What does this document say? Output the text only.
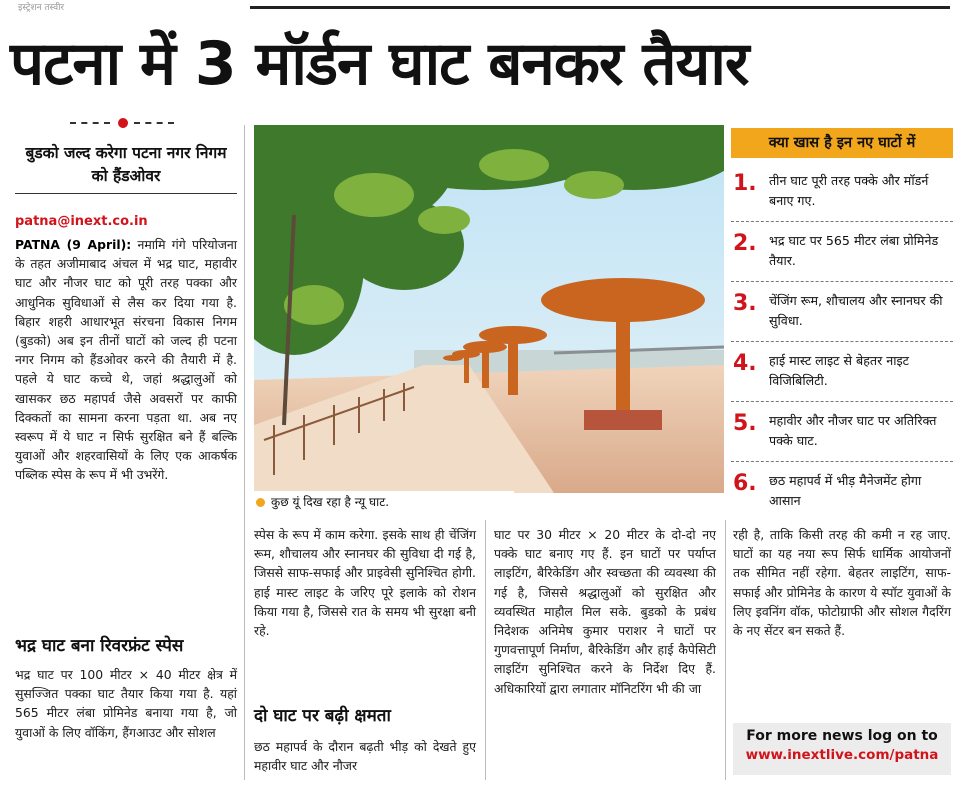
इस्ट्रेशन तस्वीर
पटना में 3 मॉर्डन घाट बनकर तैयार
बुडको जल्द करेगा पटना नगर निगम को हैंडओवर
patna@inext.co.in
PATNA (9 April): नमामि गंगे परियोजना के तहत अजीमाबाद अंचल में भद्र घाट, महावीर घाट और नौजर घाट को पूरी तरह पक्का और आधुनिक सुविधाओं से लैस कर दिया गया है. बिहार शहरी आधारभूत संरचना विकास निगम (बुडको) अब इन तीनों घाटों को जल्द ही पटना नगर निगम को हैंडओवर करने की तैयारी में है. पहले ये घाट कच्चे थे, जहां श्रद्धालुओं को खासकर छठ महापर्व जैसे अवसरों पर काफी दिक्कतों का सामना करना पड़ता था. अब नए स्वरूप में ये घाट न सिर्फ सुरक्षित बने हैं बल्कि युवाओं और शहरवासियों के लिए एक आकर्षक पब्लिक स्पेस के रूप में भी उभरेंगे.
भद्र घाट बना रिवरफ्रंट स्पेस
भद्र घाट पर 100 मीटर × 40 मीटर क्षेत्र में सुसज्जित पक्का घाट तैयार किया गया है. यहां 565 मीटर लंबा प्रोमिनेड बनाया गया है, जो युवाओं के लिए वॉकिंग, हैंगआउट और सोशल
कुछ यूं दिख रहा है न्यू घाट.
स्पेस के रूप में काम करेगा. इसके साथ ही चेंजिंग रूम, शौचालय और स्नानघर की सुविधा दी गई है, जिससे साफ-सफाई और प्राइवेसी सुनिश्चित होगी. हाई मास्ट लाइट के जरिए पूरे इलाके को रोशन किया गया है, जिससे रात के समय भी सुरक्षा बनी रहे.
दो घाट पर बढ़ी क्षमता
छठ महापर्व के दौरान बढ़ती भीड़ को देखते हुए महावीर घाट और नौजर
घाट पर 30 मीटर × 20 मीटर के दो-दो नए पक्के घाट बनाए गए हैं. इन घाटों पर पर्याप्त लाइटिंग, बैरिकेडिंग और स्वच्छता की व्यवस्था की गई है, जिससे श्रद्धालुओं को सुरक्षित और व्यवस्थित माहौल मिल सके. बुडको के प्रबंध निदेशक अनिमेष कुमार पराशर ने घाटों पर गुणवत्तापूर्ण निर्माण, बैरिकेडिंग और हाई कैपेसिटी लाइटिंग सुनिश्चित करने के निर्देश दिए हैं. अधिकारियों द्वारा लगातार मॉनिटरिंग भी की जा
रही है, ताकि किसी तरह की कमी न रह जाए. घाटों का यह नया रूप सिर्फ धार्मिक आयोजनों तक सीमित नहीं रहेगा. बेहतर लाइटिंग, साफ-सफाई और प्रोमिनेड के कारण ये स्पॉट युवाओं के लिए इवनिंग वॉक, फोटोग्राफी और सोशल गैदरिंग के नए सेंटर बन सकते हैं.
क्या खास है इन नए घाटों में
1. तीन घाट पूरी तरह पक्के और मॉडर्न बनाए गए.
2. भद्र घाट पर 565 मीटर लंबा प्रोमिनेड तैयार.
3. चेंजिंग रूम, शौचालय और स्नानघर की सुविधा.
4. हाई मास्ट लाइट से बेहतर नाइट विजिबिलिटी.
5. महावीर और नौजर घाट पर अतिरिक्त पक्के घाट.
6. छठ महापर्व में भीड़ मैनेजमेंट होगा आसान
For more news log on to
www.inextlive.com/patna
